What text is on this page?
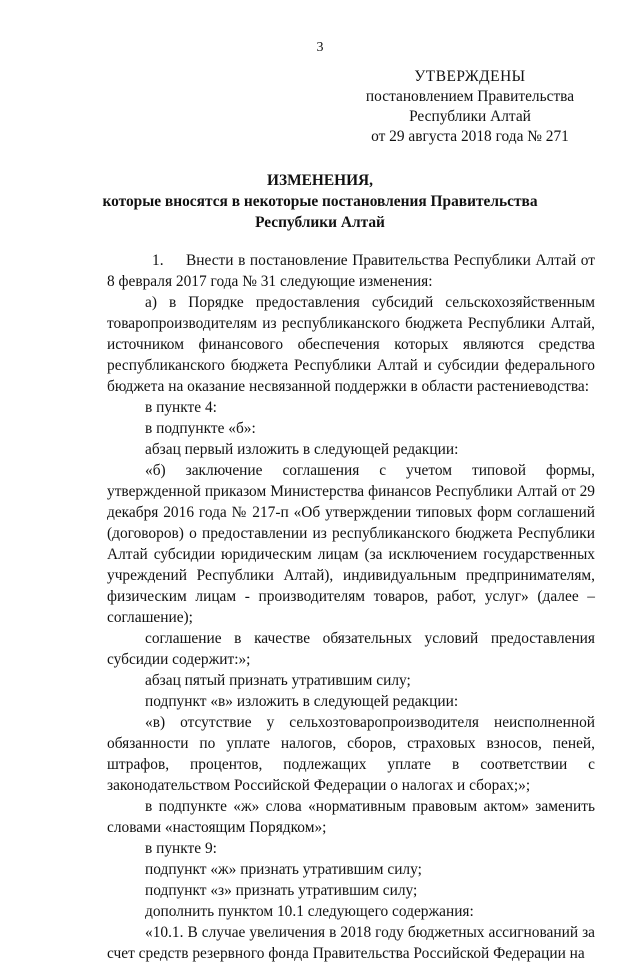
3
УТВЕРЖДЕНЫ
постановлением Правительства
Республики Алтай
от 29 августа 2018 года № 271
ИЗМЕНЕНИЯ,
которые вносятся в некоторые постановления Правительства
Республики Алтай

1. Внести в постановление Правительства Республики Алтай от 8 февраля 2017 года № 31 следующие изменения:

а) в Порядке предоставления субсидий сельскохозяйственным товаропроизводителям из республиканского бюджета Республики Алтай, источником финансового обеспечения которых являются средства республиканского бюджета Республики Алтай и субсидии федерального бюджета на оказание несвязанной поддержки в области растениеводства:

в пункте 4:

в подпункте «б»:

абзац первый изложить в следующей редакции:

«б) заключение соглашения с учетом типовой формы, утвержденной приказом Министерства финансов Республики Алтай от 29 декабря 2016 года № 217-п «Об утверждении типовых форм соглашений (договоров) о предоставлении из республиканского бюджета Республики Алтай субсидии юридическим лицам (за исключением государственных учреждений Республики Алтай), индивидуальным предпринимателям, физическим лицам - производителям товаров, работ, услуг» (далее – соглашение);

соглашение в качестве обязательных условий предоставления субсидии содержит:»;

абзац пятый признать утратившим силу;

подпункт «в» изложить в следующей редакции:

«в) отсутствие у сельхозтоваропроизводителя неисполненной обязанности по уплате налогов, сборов, страховых взносов, пеней, штрафов, процентов, подлежащих уплате в соответствии с законодательством Российской Федерации о налогах и сборах;»;

в подпункте «ж» слова «нормативным правовым актом» заменить словами «настоящим Порядком»;

в пункте 9:

подпункт «ж» признать утратившим силу;

подпункт «з» признать утратившим силу;

дополнить пунктом 10.1 следующего содержания:

«10.1. В случае увеличения в 2018 году бюджетных ассигнований за счет средств резервного фонда Правительства Российской Федерации на
